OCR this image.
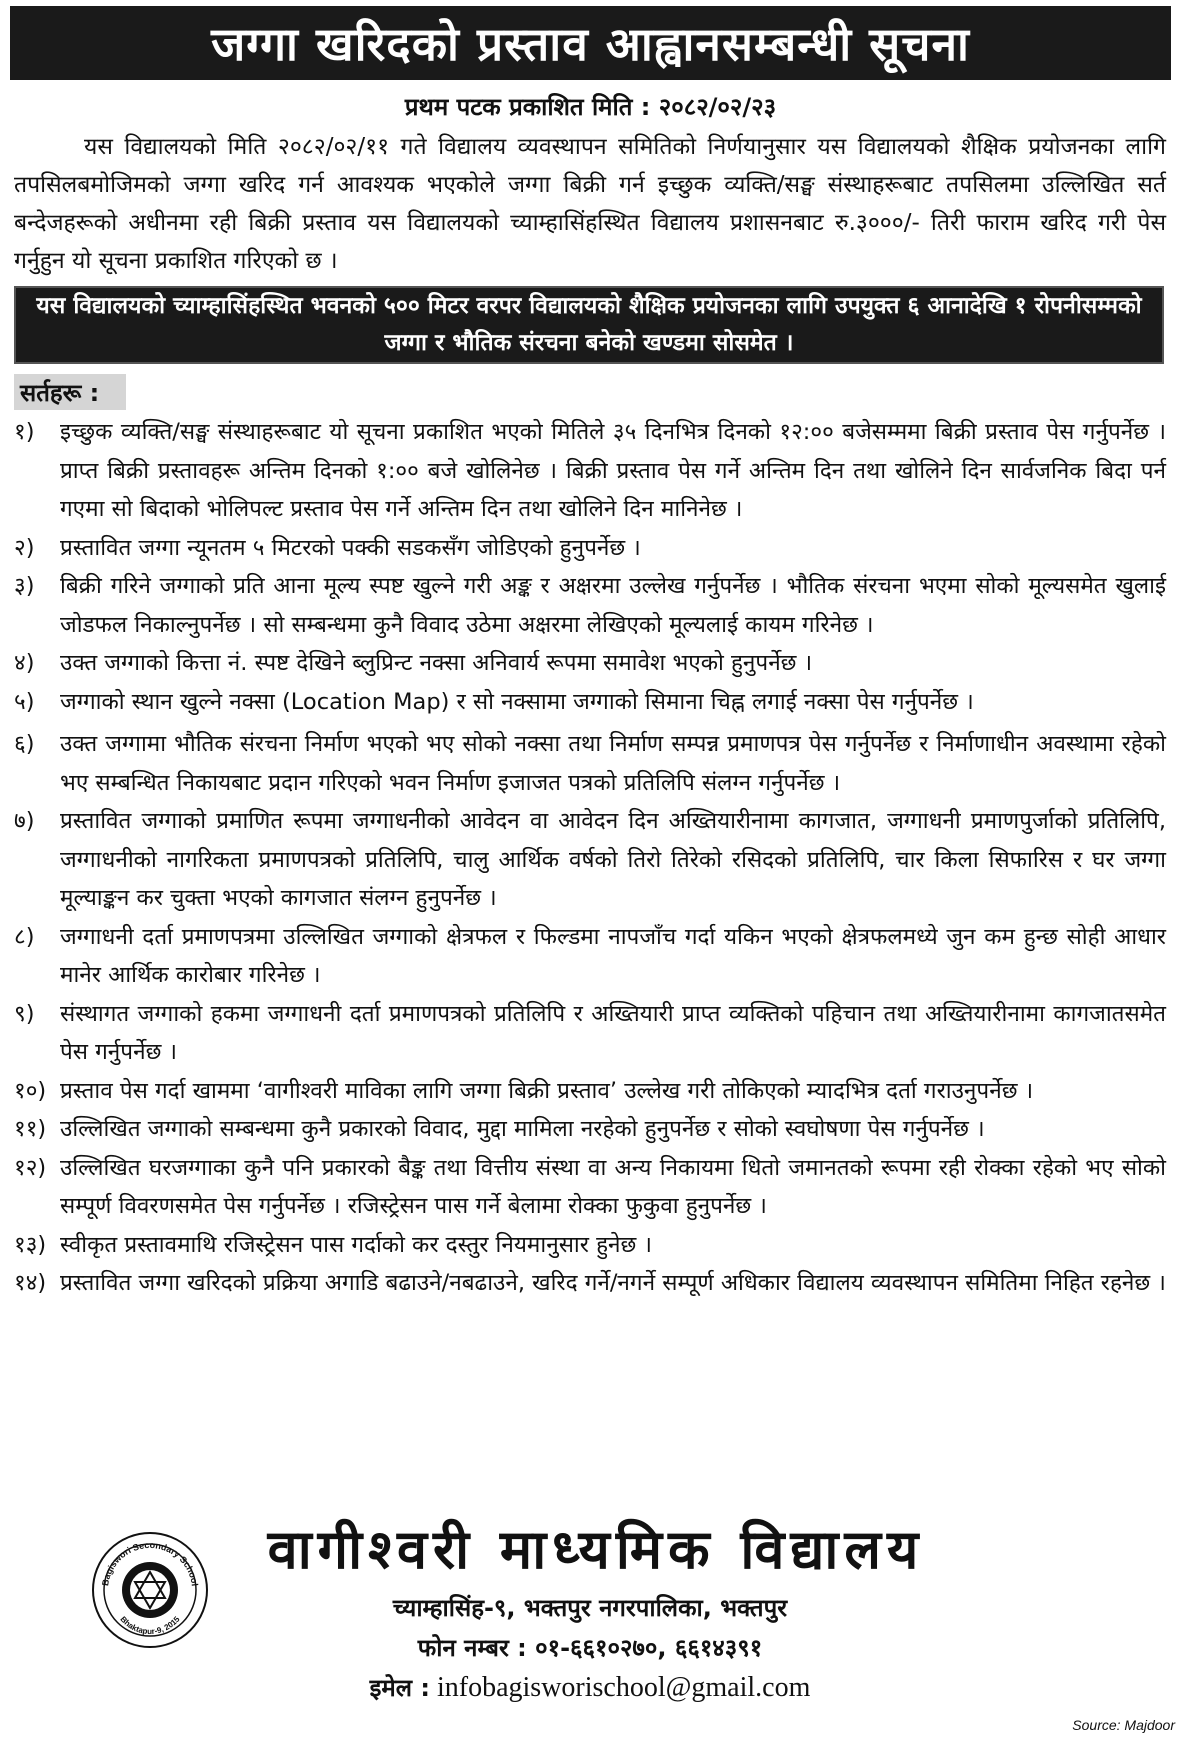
जग्गा खरिदको प्रस्ताव आह्वानसम्बन्धी सूचना
प्रथम पटक प्रकाशित मिति : २०८२/०२/२३

यस विद्यालयको मिति २०८२/०२/११ गते विद्यालय व्यवस्थापन समितिको निर्णयानुसार यस विद्यालयको शैक्षिक प्रयोजनका लागि तपसिलबमोजिमको जग्गा खरिद गर्न आवश्यक भएकोले जग्गा बिक्री गर्न इच्छुक व्यक्ति/सङ्घ संस्थाहरूबाट तपसिलमा उल्लिखित सर्त बन्देजहरूको अधीनमा रही बिक्री प्रस्ताव यस विद्यालयको च्याम्हासिंहस्थित विद्यालय प्रशासनबाट रु.३०००/- तिरी फाराम खरिद गरी पेस गर्नुहुन यो सूचना प्रकाशित गरिएको छ ।

यस विद्यालयको च्याम्हासिंहस्थित भवनको ५०० मिटर वरपर विद्यालयको शैक्षिक प्रयोजनका लागि उपयुक्त ६ आनादेखि १ रोपनीसम्मको जग्गा र भौतिक संरचना बनेको खण्डमा सोसमेत ।
सर्तहरू :
१)	इच्छुक व्यक्ति/सङ्घ संस्थाहरूबाट यो सूचना प्रकाशित भएको मितिले ३५ दिनभित्र दिनको १२:०० बजेसम्ममा बिक्री प्रस्ताव पेस गर्नुपर्नेछ । प्राप्त बिक्री प्रस्तावहरू अन्तिम दिनको १:०० बजे खोलिनेछ । बिक्री प्रस्ताव पेस गर्ने अन्तिम दिन तथा खोलिने दिन सार्वजनिक बिदा पर्न गएमा सो बिदाको भोलिपल्ट प्रस्ताव पेस गर्ने अन्तिम दिन तथा खोलिने दिन मानिनेछ ।
२)	प्रस्तावित जग्गा न्यूनतम ५ मिटरको पक्की सडकसँग जोडिएको हुनुपर्नेछ ।
३)	बिक्री गरिने जग्गाको प्रति आना मूल्य स्पष्ट खुल्ने गरी अङ्क र अक्षरमा उल्लेख गर्नुपर्नेछ । भौतिक संरचना भएमा सोको मूल्यसमेत खुलाई जोडफल निकाल्नुपर्नेछ । सो सम्बन्धमा कुनै विवाद उठेमा अक्षरमा लेखिएको मूल्यलाई कायम गरिनेछ ।
४)	उक्त जग्गाको कित्ता नं. स्पष्ट देखिने ब्लुप्रिन्ट नक्सा अनिवार्य रूपमा समावेश भएको हुनुपर्नेछ ।
५)	जग्गाको स्थान खुल्ने नक्सा (Location Map) र सो नक्सामा जग्गाको सिमाना चिह्न लगाई नक्सा पेस गर्नुपर्नेछ ।
६)	उक्त जग्गामा भौतिक संरचना निर्माण भएको भए सोको नक्सा तथा निर्माण सम्पन्न प्रमाणपत्र पेस गर्नुपर्नेछ र निर्माणाधीन अवस्थामा रहेको भए सम्बन्धित निकायबाट प्रदान गरिएको भवन निर्माण इजाजत पत्रको प्रतिलिपि संलग्न गर्नुपर्नेछ ।
७)	प्रस्तावित जग्गाको प्रमाणित रूपमा जग्गाधनीको आवेदन वा आवेदन दिन अख्तियारीनामा कागजात, जग्गाधनी प्रमाणपुर्जाको प्रतिलिपि, जग्गाधनीको नागरिकता प्रमाणपत्रको प्रतिलिपि, चालु आर्थिक वर्षको तिरो तिरेको रसिदको प्रतिलिपि, चार किला सिफारिस र घर जग्गा मूल्याङ्कन कर चुक्ता भएको कागजात संलग्न हुनुपर्नेछ ।
८)	जग्गाधनी दर्ता प्रमाणपत्रमा उल्लिखित जग्गाको क्षेत्रफल र फिल्डमा नापजाँच गर्दा यकिन भएको क्षेत्रफलमध्ये जुन कम हुन्छ सोही आधार मानेर आर्थिक कारोबार गरिनेछ ।
९)	संस्थागत जग्गाको हकमा जग्गाधनी दर्ता प्रमाणपत्रको प्रतिलिपि र अख्तियारी प्राप्त व्यक्तिको पहिचान तथा अख्तियारीनामा कागजातसमेत पेस गर्नुपर्नेछ ।
१०) प्रस्ताव पेस गर्दा खाममा ‘वागीश्वरी माविका लागि जग्गा बिक्री प्रस्ताव’ उल्लेख गरी तोकिएको म्यादभित्र दर्ता गराउनुपर्नेछ ।
११) उल्लिखित जग्गाको सम्बन्धमा कुनै प्रकारको विवाद, मुद्दा मामिला नरहेको हुनुपर्नेछ र सोको स्वघोषणा पेस गर्नुपर्नेछ ।
१२) उल्लिखित घरजग्गाका कुनै पनि प्रकारको बैङ्क तथा वित्तीय संस्था वा अन्य निकायमा धितो जमानतको रूपमा रही रोक्का रहेको भए सोको सम्पूर्ण विवरणसमेत पेस गर्नुपर्नेछ । रजिस्ट्रेसन पास गर्ने बेलामा रोक्का फुकुवा हुनुपर्नेछ ।
१३) स्वीकृत प्रस्तावमाथि रजिस्ट्रेसन पास गर्दाको कर दस्तुर नियमानुसार हुनेछ ।
१४) प्रस्तावित जग्गा खरिदको प्रक्रिया अगाडि बढाउने/नबढाउने, खरिद गर्ने/नगर्ने सम्पूर्ण अधिकार विद्यालय व्यवस्थापन समितिमा निहित रहनेछ ।
Bagiswori Secondary School
Bhaktapur-9, 2015
वागीश्वरी माध्यमिक विद्यालय
च्याम्हासिंह-९, भक्तपुर नगरपालिका, भक्तपुर
फोन नम्बर : ०१-६६१०२७०, ६६१४३९१
इमेल : infobagisworischool@gmail.com
Source: Majdoor
